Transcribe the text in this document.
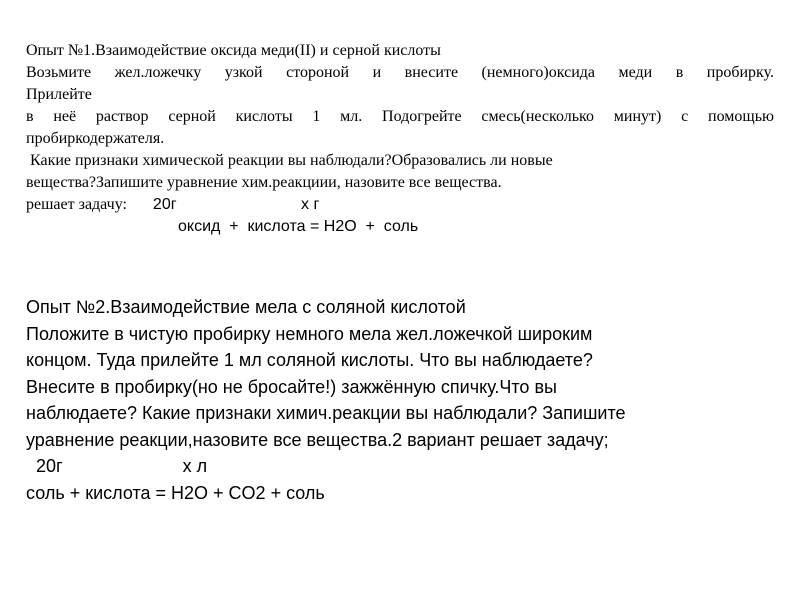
Опыт №1.Взаимодействие оксида меди(II) и серной кислоты
Возьмите жел.ложечку узкой стороной и внесите (немного)оксида меди в пробирку.
Прилейте
в неё раствор серной кислоты 1 мл. Подогрейте смесь(несколько минут) с помощью
пробиркодержателя.
Какие признаки химической реакции вы наблюдали?Образовались ли новые
вещества?Запишите уравнение хим.реакциии, назовите все вещества.
решает задачу: 20г                            x г
оксид  +  кислота = H2O  +  соль
Опыт №2.Взаимодействие мела с соляной кислотой
Положите в чистую пробирку немного мела жел.ложечкой широким
концом. Туда прилейте 1 мл соляной кислоты. Что вы наблюдаете?
Внесите в пробирку(но не бросайте!) зажжённую спичку.Что вы
наблюдаете? Какие признаки химич.реакции вы наблюдали? Запишите
уравнение реакции,назовите все вещества.2 вариант решает задачу;
20г                        x л
соль + кислота = H2O + CO2 + соль
